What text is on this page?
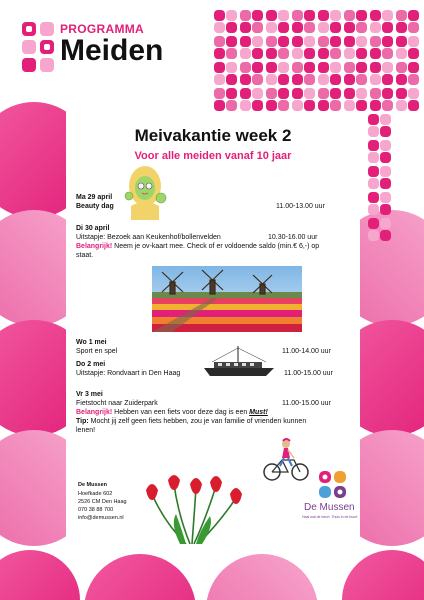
PROGRAMMA
Meiden
Meivakantie week 2
Voor alle meiden vanaf 10 jaar
Ma 29 april
Beauty dag	11.00-13.00 uur
Di 30 april
Uitstapje: Bezoek aan Keukenhof/bollenvelden	10.30-16.00 uur
Belangrijk! Neem je ov-kaart mee. Check of er voldoende saldo (min.€ 6,-) op
staat.
Wo 1 mei
Sport en spel	11.00-14.00 uur
Do 2 mei
Uitstapje: Rondvaart in Den Haag	11.00-15.00 uur
Vr 3 mei
Fietstocht naar Zuiderpark	11.00-15.00 uur
Belangrijk! Hebben van een fiets voor deze dag is een Must!
Tip: Mocht jij zelf geen fiets hebben, zou je van familie of vrienden kunnen
lenen!
De Mussen
Hoefkade 602
2526 CM Den Haag
070 38 88 700
info@demussen.nl
De Mussen
Haal wat de beurt. Thuis in de buurt
